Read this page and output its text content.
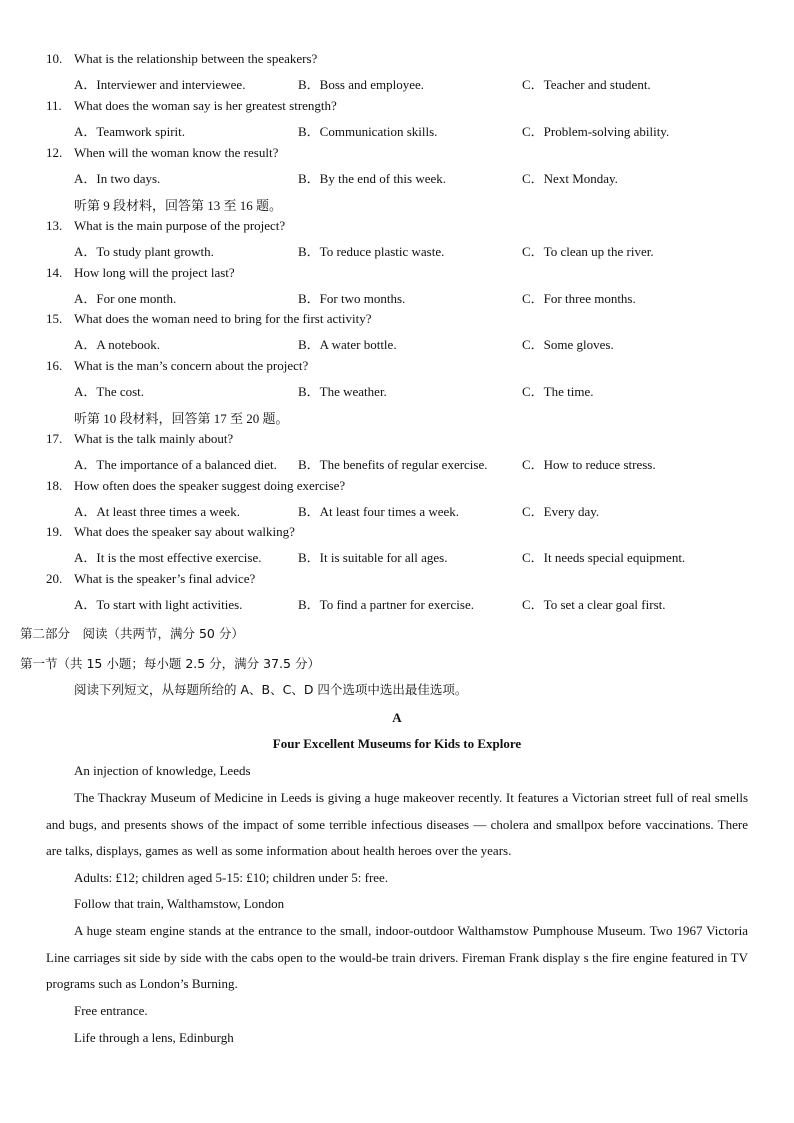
10. What is the relationship between the speakers?
A．Interviewer and interviewee.	B．Boss and employee.	C．Teacher and student.
11. What does the woman say is her greatest strength?
A．Teamwork spirit.	B．Communication skills.	C．Problem-solving ability.
12. When will the woman know the result?
A．In two days.	B．By the end of this week.	C．Next Monday.
13. What is the main purpose of the project?
A．To study plant growth.	B．To reduce plastic waste.	C．To clean up the river.
14. How long will the project last?
A．For one month.	B．For two months.	C．For three months.
15. What does the woman need to bring for the first activity?
A．A notebook.	B．A water bottle.	C．Some gloves.
16. What is the man’s concern about the project?
A．The cost.	B．The weather.	C．The time.
17. What is the talk mainly about?
A．The importance of a balanced diet. B．The benefits of regular exercise.	C．How to reduce stress.
18. How often does the speaker suggest doing exercise?
A．At least three times a week.	B．At least four times a week.	C．Every day.
19. What does the speaker say about walking?
A．It is the most effective exercise.	B．It is suitable for all ages.	C．It needs special equipment.
20. What is the speaker’s final advice?
A．To start with light activities.	B．To find a partner for exercise.	C．To set a clear goal first.
听第 9 段材料，回答第 13 至 16 题。
听第 10 段材料，回答第 17 至 20 题。
第二部分　阅读（共两节，满分 50 分）
第一节（共 15 小题；每小题 2.5 分，满分 37.5 分）
阅读下列短文，从每题所给的 A、B、C、D 四个选项中选出最佳选项。
A
Four Excellent Museums for Kids to Explore
An injection of knowledge, Leeds
The Thackray Museum of Medicine in Leeds is giving a huge makeover recently. It features a Victorian street full of real smells and bugs, and presents shows of the impact of some terrible infectious diseases — cholera and smallpox before vaccinations. There are talks, displays, games as well as some information about health heroes over the years.
Adults: £12; children aged 5-15: £10; children under 5: free.
Follow that train, Walthamstow, London
A huge steam engine stands at the entrance to the small, indoor-outdoor Walthamstow Pumphouse Museum. Two 1967 Victoria Line carriages sit side by side with the cabs open to the would-be train drivers. Fireman Frank display s the fire engine featured in TV programs such as London’s Burning.
Free entrance.
Life through a lens, Edinburgh
